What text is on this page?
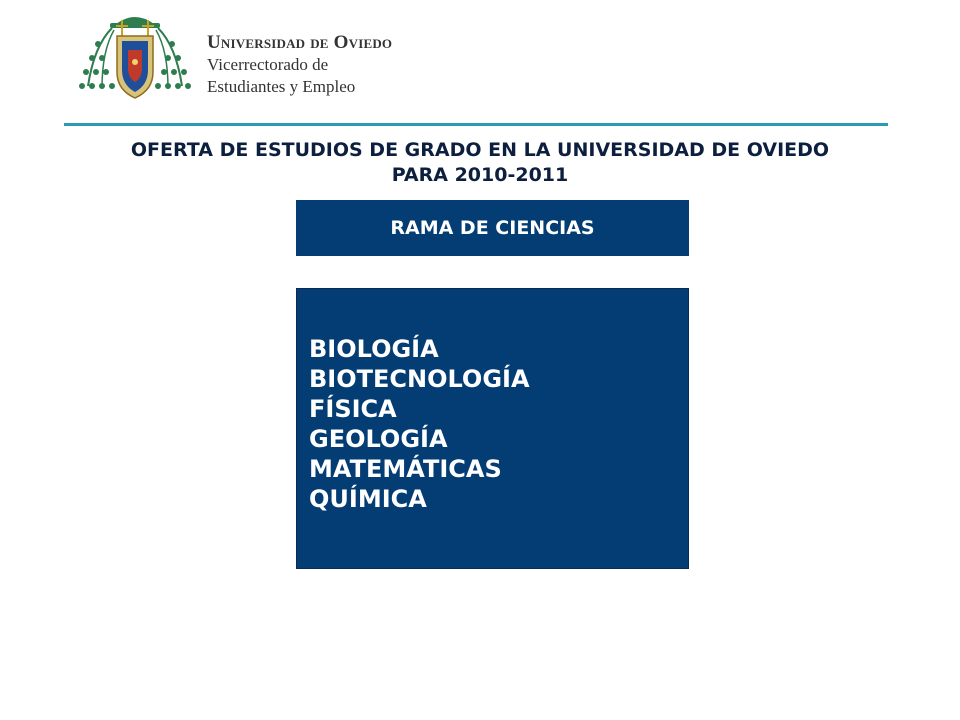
Universidad de Oviedo
Vicerrectorado de
Estudiantes y Empleo
OFERTA DE ESTUDIOS DE GRADO EN LA UNIVERSIDAD DE OVIEDO
PARA 2010-2011
RAMA DE CIENCIAS
BIOLOGÍA
BIOTECNOLOGÍA
FÍSICA
GEOLOGÍA
MATEMÁTICAS
QUÍMICA
